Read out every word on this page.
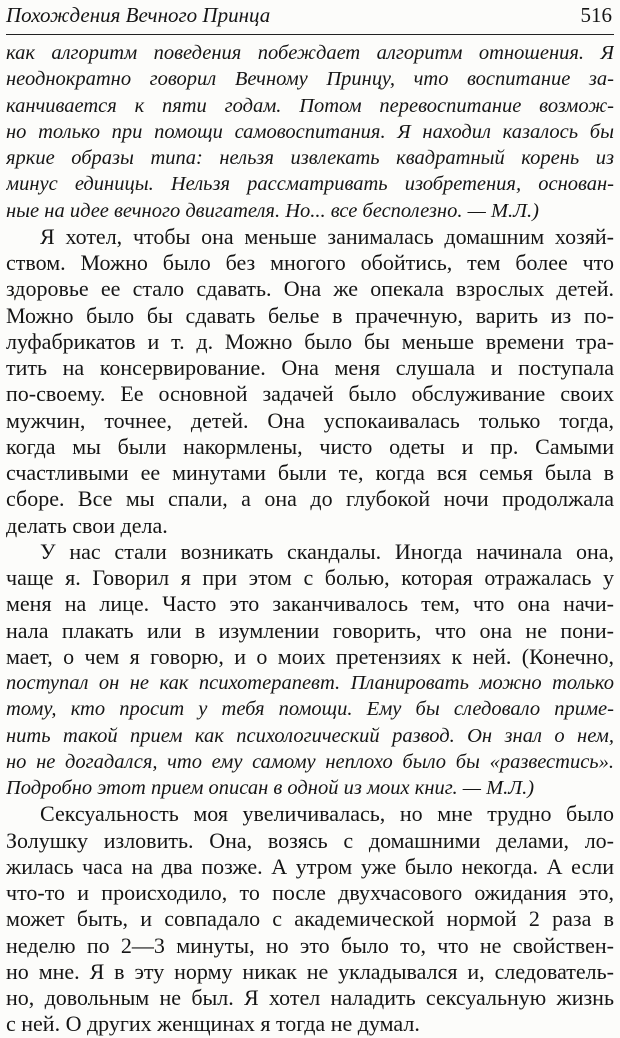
Похождения Вечного Принца	516
как алгоритм поведения побеждает алгоритм отношения. Я
неоднократно говорил Вечному Принцу, что воспитание за-
канчивается к пяти годам. Потом перевоспитание возмож-
но только при помощи самовоспитания. Я находил казалось бы
яркие образы типа: нельзя извлекать квадратный корень из
минус единицы. Нельзя рассматривать изобретения, основан-
ные на идее вечного двигателя. Но... все бесполезно. — М.Л.)
Я хотел, чтобы она меньше занималась домашним хозяй-
ством. Можно было без многого обойтись, тем более что
здоровье ее стало сдавать. Она же опекала взрослых детей.
Можно было бы сдавать белье в прачечную, варить из по-
луфабрикатов и т. д. Можно было бы меньше времени тра-
тить на консервирование. Она меня слушала и поступала
по-своему. Ее основной задачей было обслуживание своих
мужчин, точнее, детей. Она успокаивалась только тогда,
когда мы были накормлены, чисто одеты и пр. Самыми
счастливыми ее минутами были те, когда вся семья была в
сборе. Все мы спали, а она до глубокой ночи продолжала
делать свои дела.
У нас стали возникать скандалы. Иногда начинала она,
чаще я. Говорил я при этом с болью, которая отражалась у
меня на лице. Часто это заканчивалось тем, что она начи-
нала плакать или в изумлении говорить, что она не пони-
мает, о чем я говорю, и о моих претензиях к ней. (Конечно,
поступал он не как психотерапевт. Планировать можно только
тому, кто просит у тебя помощи. Ему бы следовало приме-
нить такой прием как психологический развод. Он знал о нем,
но не догадался, что ему самому неплохо было бы «развестись».
Подробно этот прием описан в одной из моих книг. — М.Л.)
Сексуальность моя увеличивалась, но мне трудно было
Золушку изловить. Она, возясь с домашними делами, ло-
жилась часа на два позже. А утром уже было некогда. А если
что-то и происходило, то после двухчасового ожидания это,
может быть, и совпадало с академической нормой 2 раза в
неделю по 2—3 минуты, но это было то, что не свойствен-
но мне. Я в эту норму никак не укладывался и, следователь-
но, довольным не был. Я хотел наладить сексуальную жизнь
с ней. О других женщинах я тогда не думал.
